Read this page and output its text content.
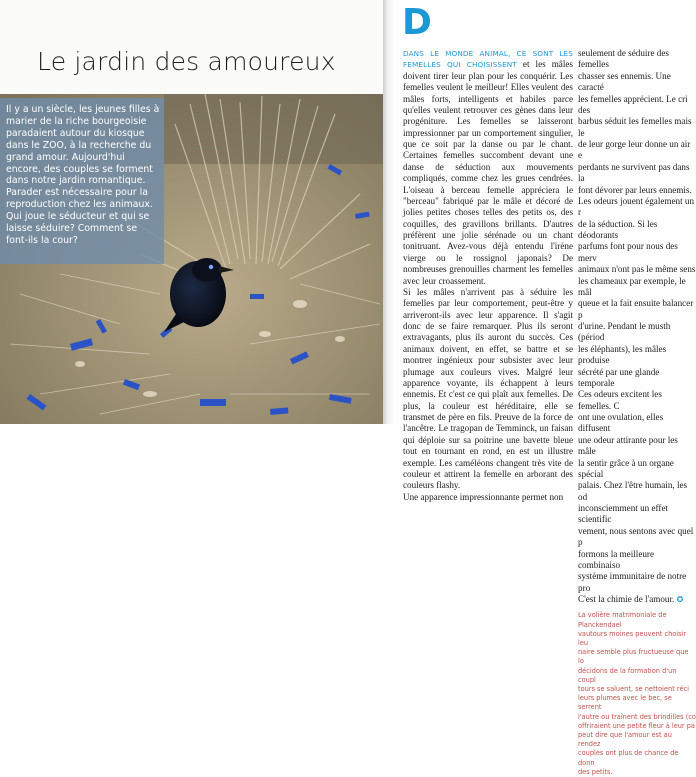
Le jardin des amoureux

Il y a un siècle, les jeunes filles à marier de la riche bourgeoisie paradaient autour du kiosque dans le ZOO, à la recherche du grand amour. Aujourd'hui encore, des couples se forment dans notre jardin romantique. Parader est nécessaire pour la reproduction chez les animaux. Qui joue le séducteur et qui se laisse séduire? Comment se font-ils la cour?

D

DANS LE MONDE ANIMAL, CE SONT LES FEMELLES QUI CHOISISSENT et les mâles doivent tirer leur plan pour les conquérir. Les femelles veulent le meilleur! Elles veulent des mâles forts, intelligents et habiles parce qu'elles veulent retrouver ces gènes dans leur progéniture. Les femelles se laisseront impressionner par un comportement singulier, que ce soit par la danse ou par le chant. Certaines femelles succombent devant une danse de séduction aux mouvements compliqués, comme chez les grues cendrées. L'oiseau à berceau femelle appréciera le "berceau" fabriqué par le mâle et décoré de jolies petites choses telles des petits os, des coquilles, des gravillons brillants. D'autres préfèrent une jolie sérénade ou un chant tonitruant. Avez-vous déjà entendu l'irène vierge ou le rossignol japonais? De nombreuses grenouilles charment les femelles avec leur croassement.

Si les mâles n'arrivent pas à séduire les femelles par leur comportement, peut-être y arriveront-ils avec leur apparence. Il s'agit donc de se faire remarquer. Plus ils seront extravagants, plus ils auront du succès. Ces animaux doivent, en effet, se battre et se montrer ingénieux pour subsister avec leur plumage aux couleurs vives. Malgré leur apparence voyante, ils échappent à leurs ennemis. Et c'est ce qui plaît aux femelles. De plus, la couleur est héréditaire, elle se transmet de père en fils. Preuve de la force de l'ancêtre. Le tragopan de Temminck, un faisan qui déploie sur sa poitrine une bavette bleue tout en tournant en rond, en est un illustre exemple. Les caméléons changent très vite de couleur et attirent la femelle en arborant des couleurs flashy.

Une apparence impressionnante permet non

seulement de séduire des femelles
chasser ses ennemis. Une caracté
les femelles apprécient. Le cri des
barbus séduit les femelles mais le
de leur gorge leur donne un air e
perdants ne survivent pas dans la
font dévorer par leurs ennemis.
Les odeurs jouent également un r
de la séduction. Si les déodorants
parfums font pour nous des merv
animaux n'ont pas le même sens
les chameaux par exemple, le mâl
queue et la fait ensuite balancer p
d'urine. Pendant le musth (périod
les éléphants), les mâles produise
sécrété par une glande temporale
Ces odeurs excitent les femelles. C
ont une ovulation, elles diffusent
une odeur attirante pour les mâle
la sentir grâce à un organe spécial
palais. Chez l'être humain, les od
inconsciemment un effet scientific
vement, nous sentons avec quel p
formons la meilleure combinaiso
système immunitaire de notre pro
C'est la chimie de l'amour. ✪
La volière matrimoniale de Planckendael
vautours moines peuvent choisir leu
naire semble plus fructueuse que lo
décidons de la formation d'un coupl
tours se saluent, se nettoient réci
leurs plumes avec le bec, se serrent
l'autre ou traînent des brindilles (co
offriraient une petite fleur à leur pa
peut dire que l'amour est au rendez
couples ont plus de chance de donn
des petits.
